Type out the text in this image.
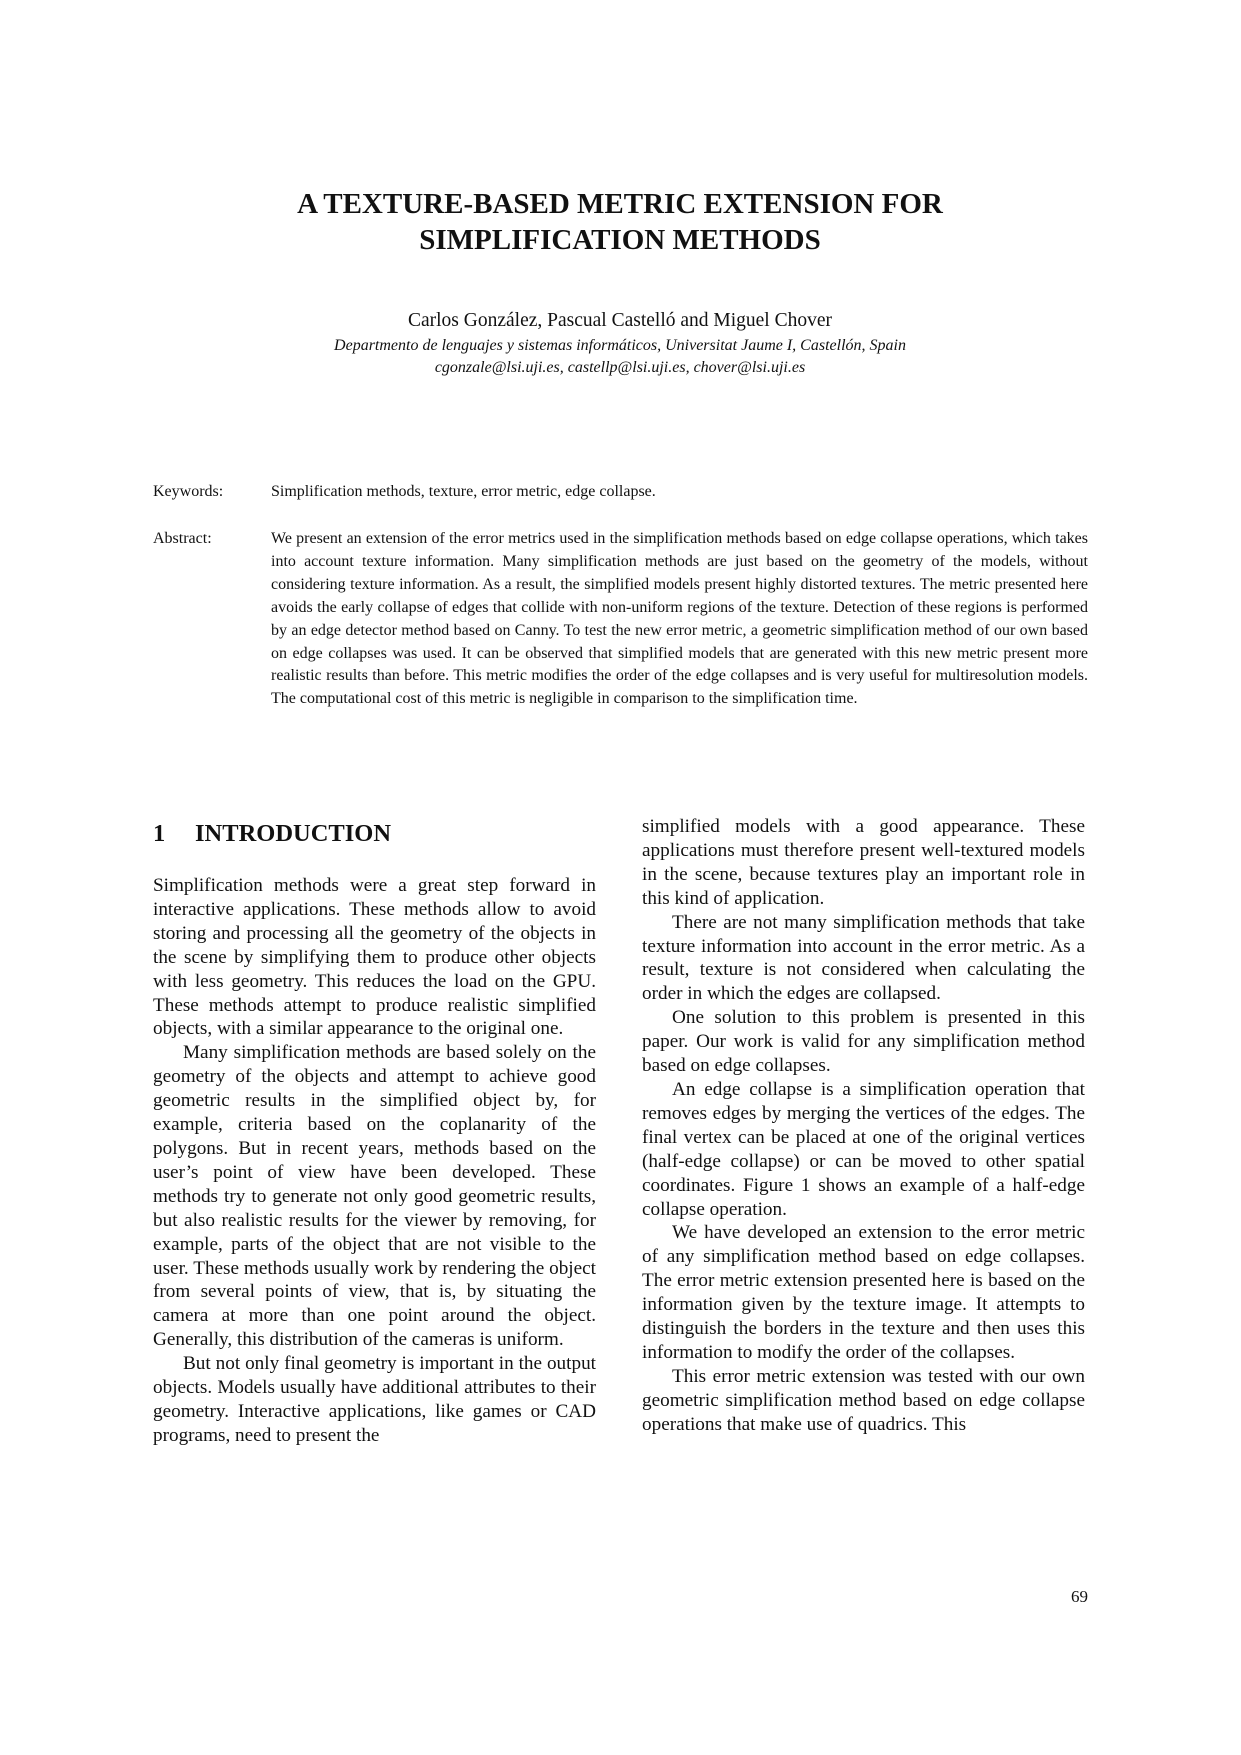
A TEXTURE-BASED METRIC EXTENSION FOR
SIMPLIFICATION METHODS
Carlos González, Pascual Castelló and Miguel Chover
Departmento de lenguajes y sistemas informáticos, Universitat Jaume I, Castellón, Spain
cgonzale@lsi.uji.es, castellp@lsi.uji.es, chover@lsi.uji.es
Keywords:	Simplification methods, texture, error metric, edge collapse.
Abstract:	We present an extension of the error metrics used in the simplification methods based on edge collapse operations, which takes into account texture information. Many simplification methods are just based on the geometry of the models, without considering texture information. As a result, the simplified models present highly distorted textures. The metric presented here avoids the early collapse of edges that collide with non-uniform regions of the texture. Detection of these regions is performed by an edge detector method based on Canny. To test the new error metric, a geometric simplification method of our own based on edge collapses was used. It can be observed that simplified models that are generated with this new metric present more realistic results than before. This metric modifies the order of the edge collapses and is very useful for multiresolution models. The computational cost of this metric is negligible in comparison to the simplification time.
1 INTRODUCTION

Simplification methods were a great step forward in interactive applications. These methods allow to avoid storing and processing all the geometry of the objects in the scene by simplifying them to produce other objects with less geometry. This reduces the load on the GPU. These methods attempt to produce realistic simplified objects, with a similar appearance to the original one.

Many simplification methods are based solely on the geometry of the objects and attempt to achieve good geometric results in the simplified object by, for example, criteria based on the coplanarity of the polygons. But in recent years, methods based on the user’s point of view have been developed. These methods try to generate not only good geometric results, but also realistic results for the viewer by removing, for example, parts of the object that are not visible to the user. These methods usually work by rendering the object from several points of view, that is, by situating the camera at more than one point around the object. Generally, this distribution of the cameras is uniform.

But not only final geometry is important in the output objects. Models usually have additional attributes to their geometry. Interactive applications, like games or CAD programs, need to present the

simplified models with a good appearance. These applications must therefore present well-textured models in the scene, because textures play an important role in this kind of application.

There are not many simplification methods that take texture information into account in the error metric. As a result, texture is not considered when calculating the order in which the edges are collapsed.

One solution to this problem is presented in this paper. Our work is valid for any simplification method based on edge collapses.

An edge collapse is a simplification operation that removes edges by merging the vertices of the edges. The final vertex can be placed at one of the original vertices (half-edge collapse) or can be moved to other spatial coordinates. Figure 1 shows an example of a half-edge collapse operation.

We have developed an extension to the error metric of any simplification method based on edge collapses. The error metric extension presented here is based on the information given by the texture image. It attempts to distinguish the borders in the texture and then uses this information to modify the order of the collapses.

This error metric extension was tested with our own geometric simplification method based on edge collapse operations that make use of quadrics. This

69
